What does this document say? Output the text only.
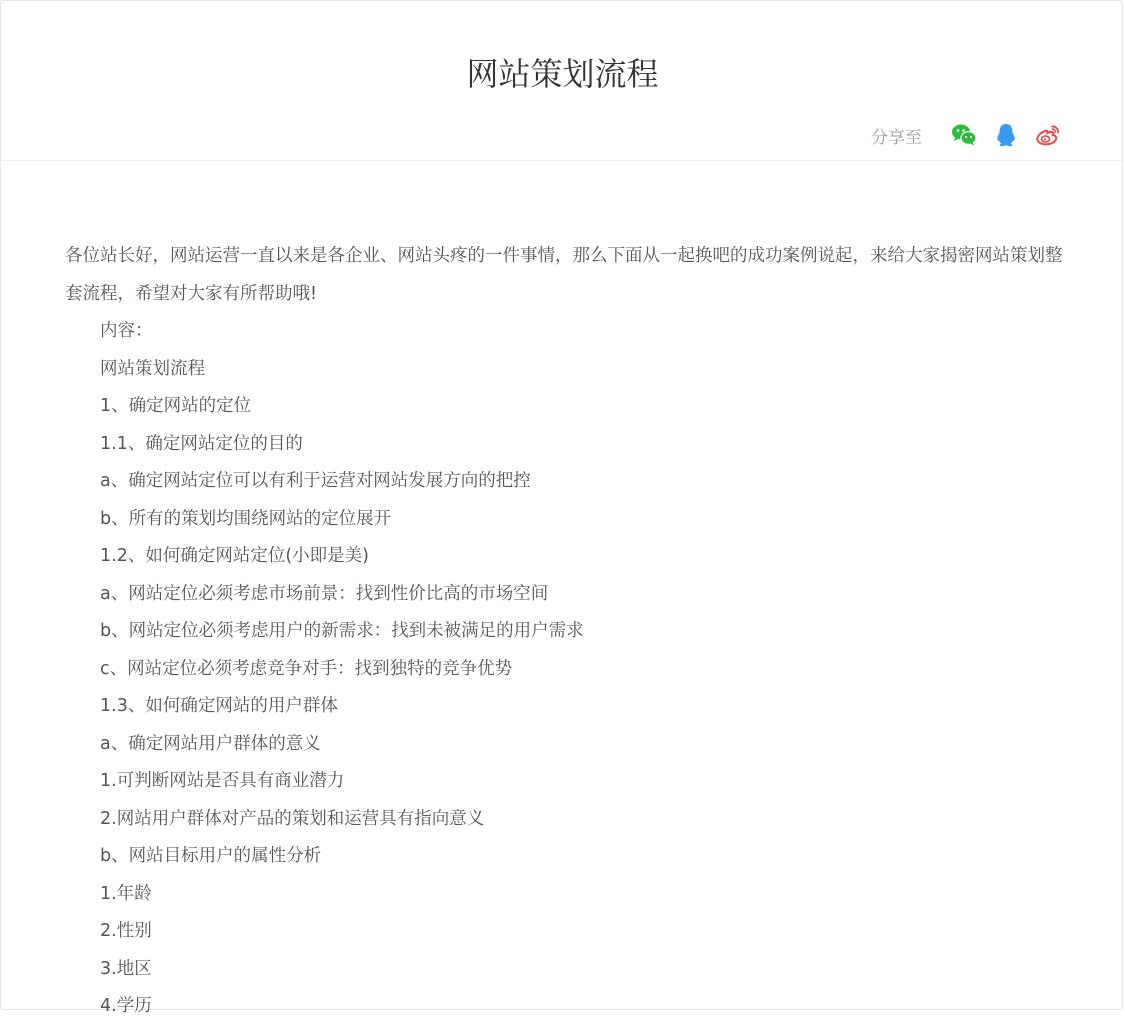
网站策划流程
分享至

各位站长好，网站运营一直以来是各企业、网站头疼的一件事情，那么下面从一起换吧的成功案例说起，来给大家揭密网站策划整套流程，希望对大家有所帮助哦!

内容：
网站策划流程
1、确定网站的定位
1.1、确定网站定位的目的
a、确定网站定位可以有利于运营对网站发展方向的把控
b、所有的策划均围绕网站的定位展开
1.2、如何确定网站定位(小即是美)
a、网站定位必须考虑市场前景：找到性价比高的市场空间
b、网站定位必须考虑用户的新需求：找到未被满足的用户需求
c、网站定位必须考虑竞争对手：找到独特的竞争优势
1.3、如何确定网站的用户群体
a、确定网站用户群体的意义
1.可判断网站是否具有商业潜力
2.网站用户群体对产品的策划和运营具有指向意义
b、网站目标用户的属性分析
1.年龄
2.性别
3.地区
4.学历
